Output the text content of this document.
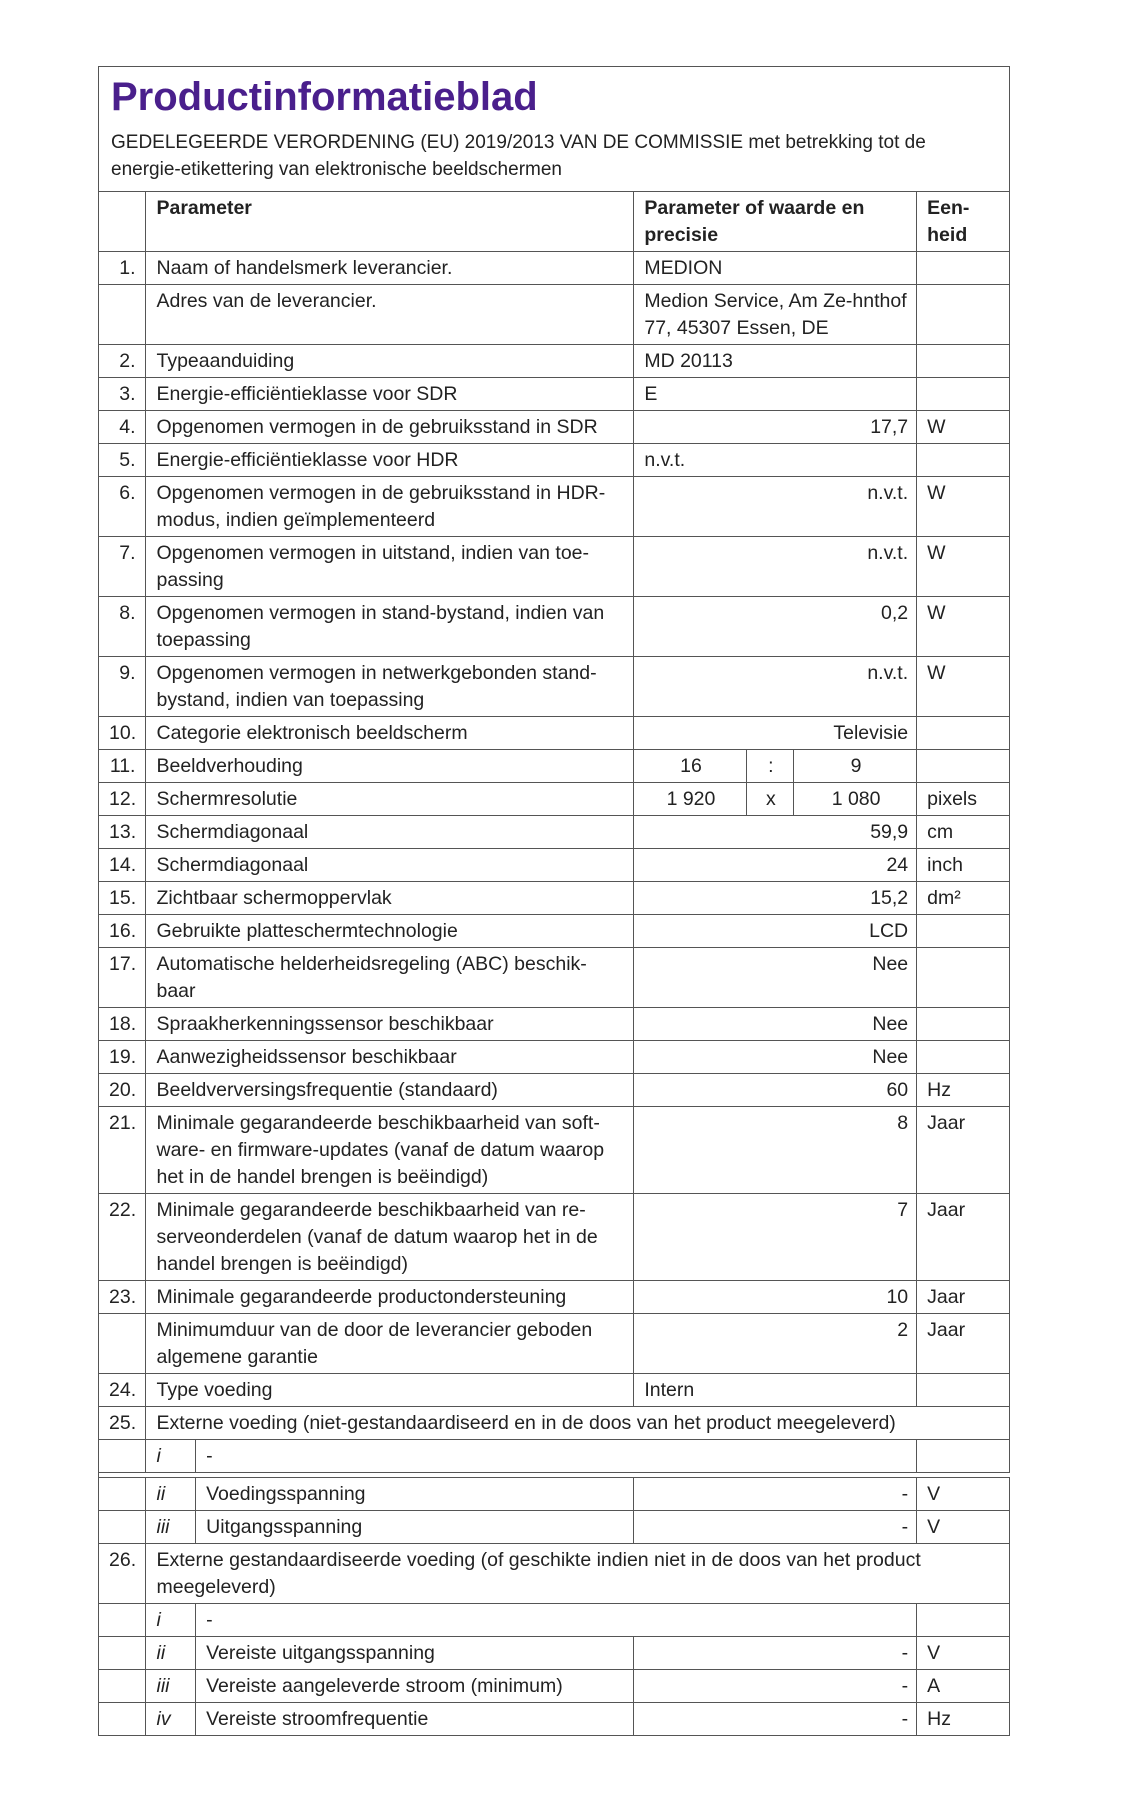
Productinformatieblad
GEDELEGEERDE VERORDENING (EU) 2019/2013 VAN DE COMMISSIE met betrekking tot de energie-etikettering van elektronische beeldschermen
	Parameter		Parameter of waarde en precisie			Een-heid
1.	Naam of handelsmerk leverancier.		MEDION			
	Adres van de leverancier.		Medion Service, Am Ze-hnthof 77, 45307 Essen, DE			
2.	Typeaanduiding		MD 20113			
3.	Energie-efficiëntieklasse voor SDR		E			
4.	Opgenomen vermogen in de gebruiksstand in SDR		17,7			W
5.	Energie-efficiëntieklasse voor HDR		n.v.t.			
6.	Opgenomen vermogen in de gebruiksstand in HDR-modus, indien geïmplementeerd		n.v.t.			W
7.	Opgenomen vermogen in uitstand, indien van toe-passing		n.v.t.			W
8.	Opgenomen vermogen in stand-bystand, indien van toepassing		0,2			W
9.	Opgenomen vermogen in netwerkgebonden stand-bystand, indien van toepassing		n.v.t.			W
10.	Categorie elektronisch beeldscherm		Televisie			
11.	Beeldverhouding		16	:	9	
12.	Schermresolutie		1 920	x	1 080	pixels
13.	Schermdiagonaal		59,9			cm
14.	Schermdiagonaal		24			inch
15.	Zichtbaar schermoppervlak		15,2			dm²
16.	Gebruikte platteschermtechnologie		LCD			
17.	Automatische helderheidsregeling (ABC) beschik-baar		Nee			
18.	Spraakherkenningssensor beschikbaar		Nee			
19.	Aanwezigheidssensor beschikbaar		Nee			
20.	Beeldverversingsfrequentie (standaard)		60			Hz
21.	Minimale gegarandeerde beschikbaarheid van soft-ware- en firmware-updates (vanaf de datum waarop het in de handel brengen is beëindigd)		8			Jaar
22.	Minimale gegarandeerde beschikbaarheid van re-serveonderdelen (vanaf de datum waarop het in de handel brengen is beëindigd)		7			Jaar
23.	Minimale gegarandeerde productondersteuning		10			Jaar
	Minimumduur van de door de leverancier geboden algemene garantie		2			Jaar
24.	Type voeding		Intern			
25.	Externe voeding (niet-gestandaardiseerd en in de doos van het product meegeleverd)					
	i	-				

	ii	Voedingsspanning	-			V
	iii	Uitgangsspanning	-			V
26.	Externe gestandaardiseerde voeding (of geschikte indien niet in de doos van het product meegeleverd)					
	i	-				
	ii	Vereiste uitgangsspanning	-			V
	iii	Vereiste aangeleverde stroom (minimum)	-			A
	iv	Vereiste stroomfrequentie	-			Hz
